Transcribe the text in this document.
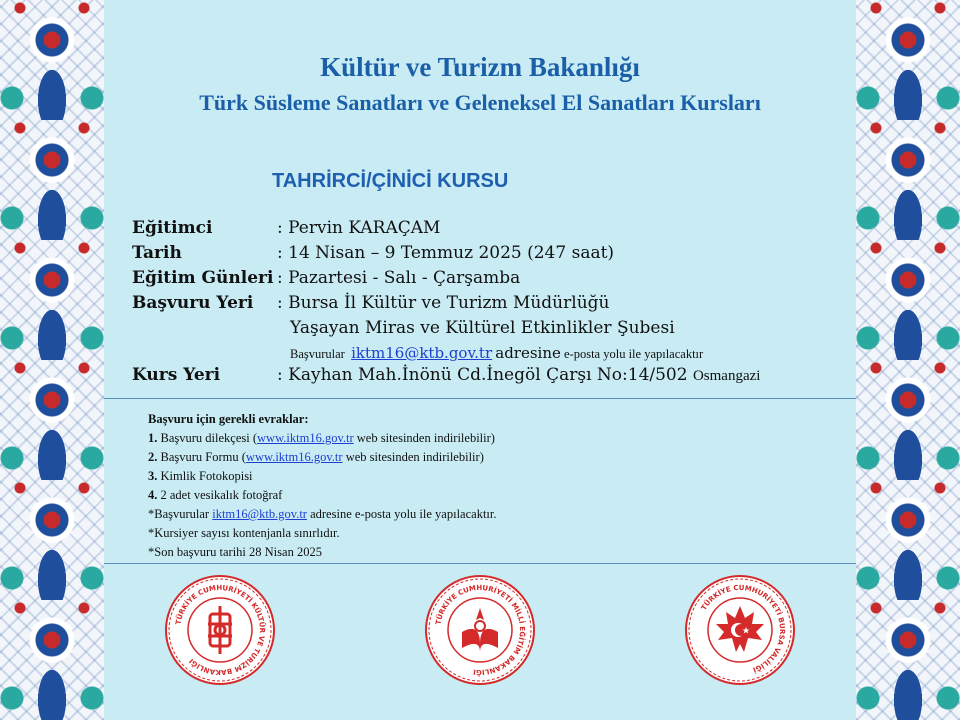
Kültür ve Turizm Bakanlığı
Türk Süsleme Sanatları ve Geleneksel El Sanatları Kursları
TAHRİRCİ/ÇİNİCİ KURSU
Eğitimci	: Pervin KARAÇAM
Tarih	: 14 Nisan – 9 Temmuz 2025 (247 saat)
Eğitim Günleri : Pazartesi - Salı - Çarşamba
Başvuru Yeri : Bursa İl Kültür ve Turizm Müdürlüğü
Yaşayan Miras ve Kültürel Etkinlikler Şubesi
Başvurular iktm16@ktb.gov.tr adresine e-posta yolu ile yapılacaktır
Kurs Yeri	: Kayhan Mah.İnönü Cd.İnegöl Çarşı No:14/502 Osmangazi
Başvuru için gerekli evraklar:
1. Başvuru dilekçesi (www.iktm16.gov.tr web sitesinden indirilebilir)
2. Başvuru Formu (www.iktm16.gov.tr web sitesinden indirilebilir)
3. Kimlik Fotokopisi
4. 2 adet vesikalık fotoğraf
*Başvurular iktm16@ktb.gov.tr adresine e-posta yolu ile yapılacaktır.
*Kursiyer sayısı kontenjanla sınırlıdır.
*Son başvuru tarihi 28 Nisan 2025
TÜRKİYE CUMHURİYETİ KÜLTÜR VE TURİZM BAKANLIĞI
TÜRKİYE CUMHURİYETİ MİLLİ EĞİTİM BAKANLIĞI
TÜRKİYE CUMHURİYETİ BURSA VALİLİĞİ
